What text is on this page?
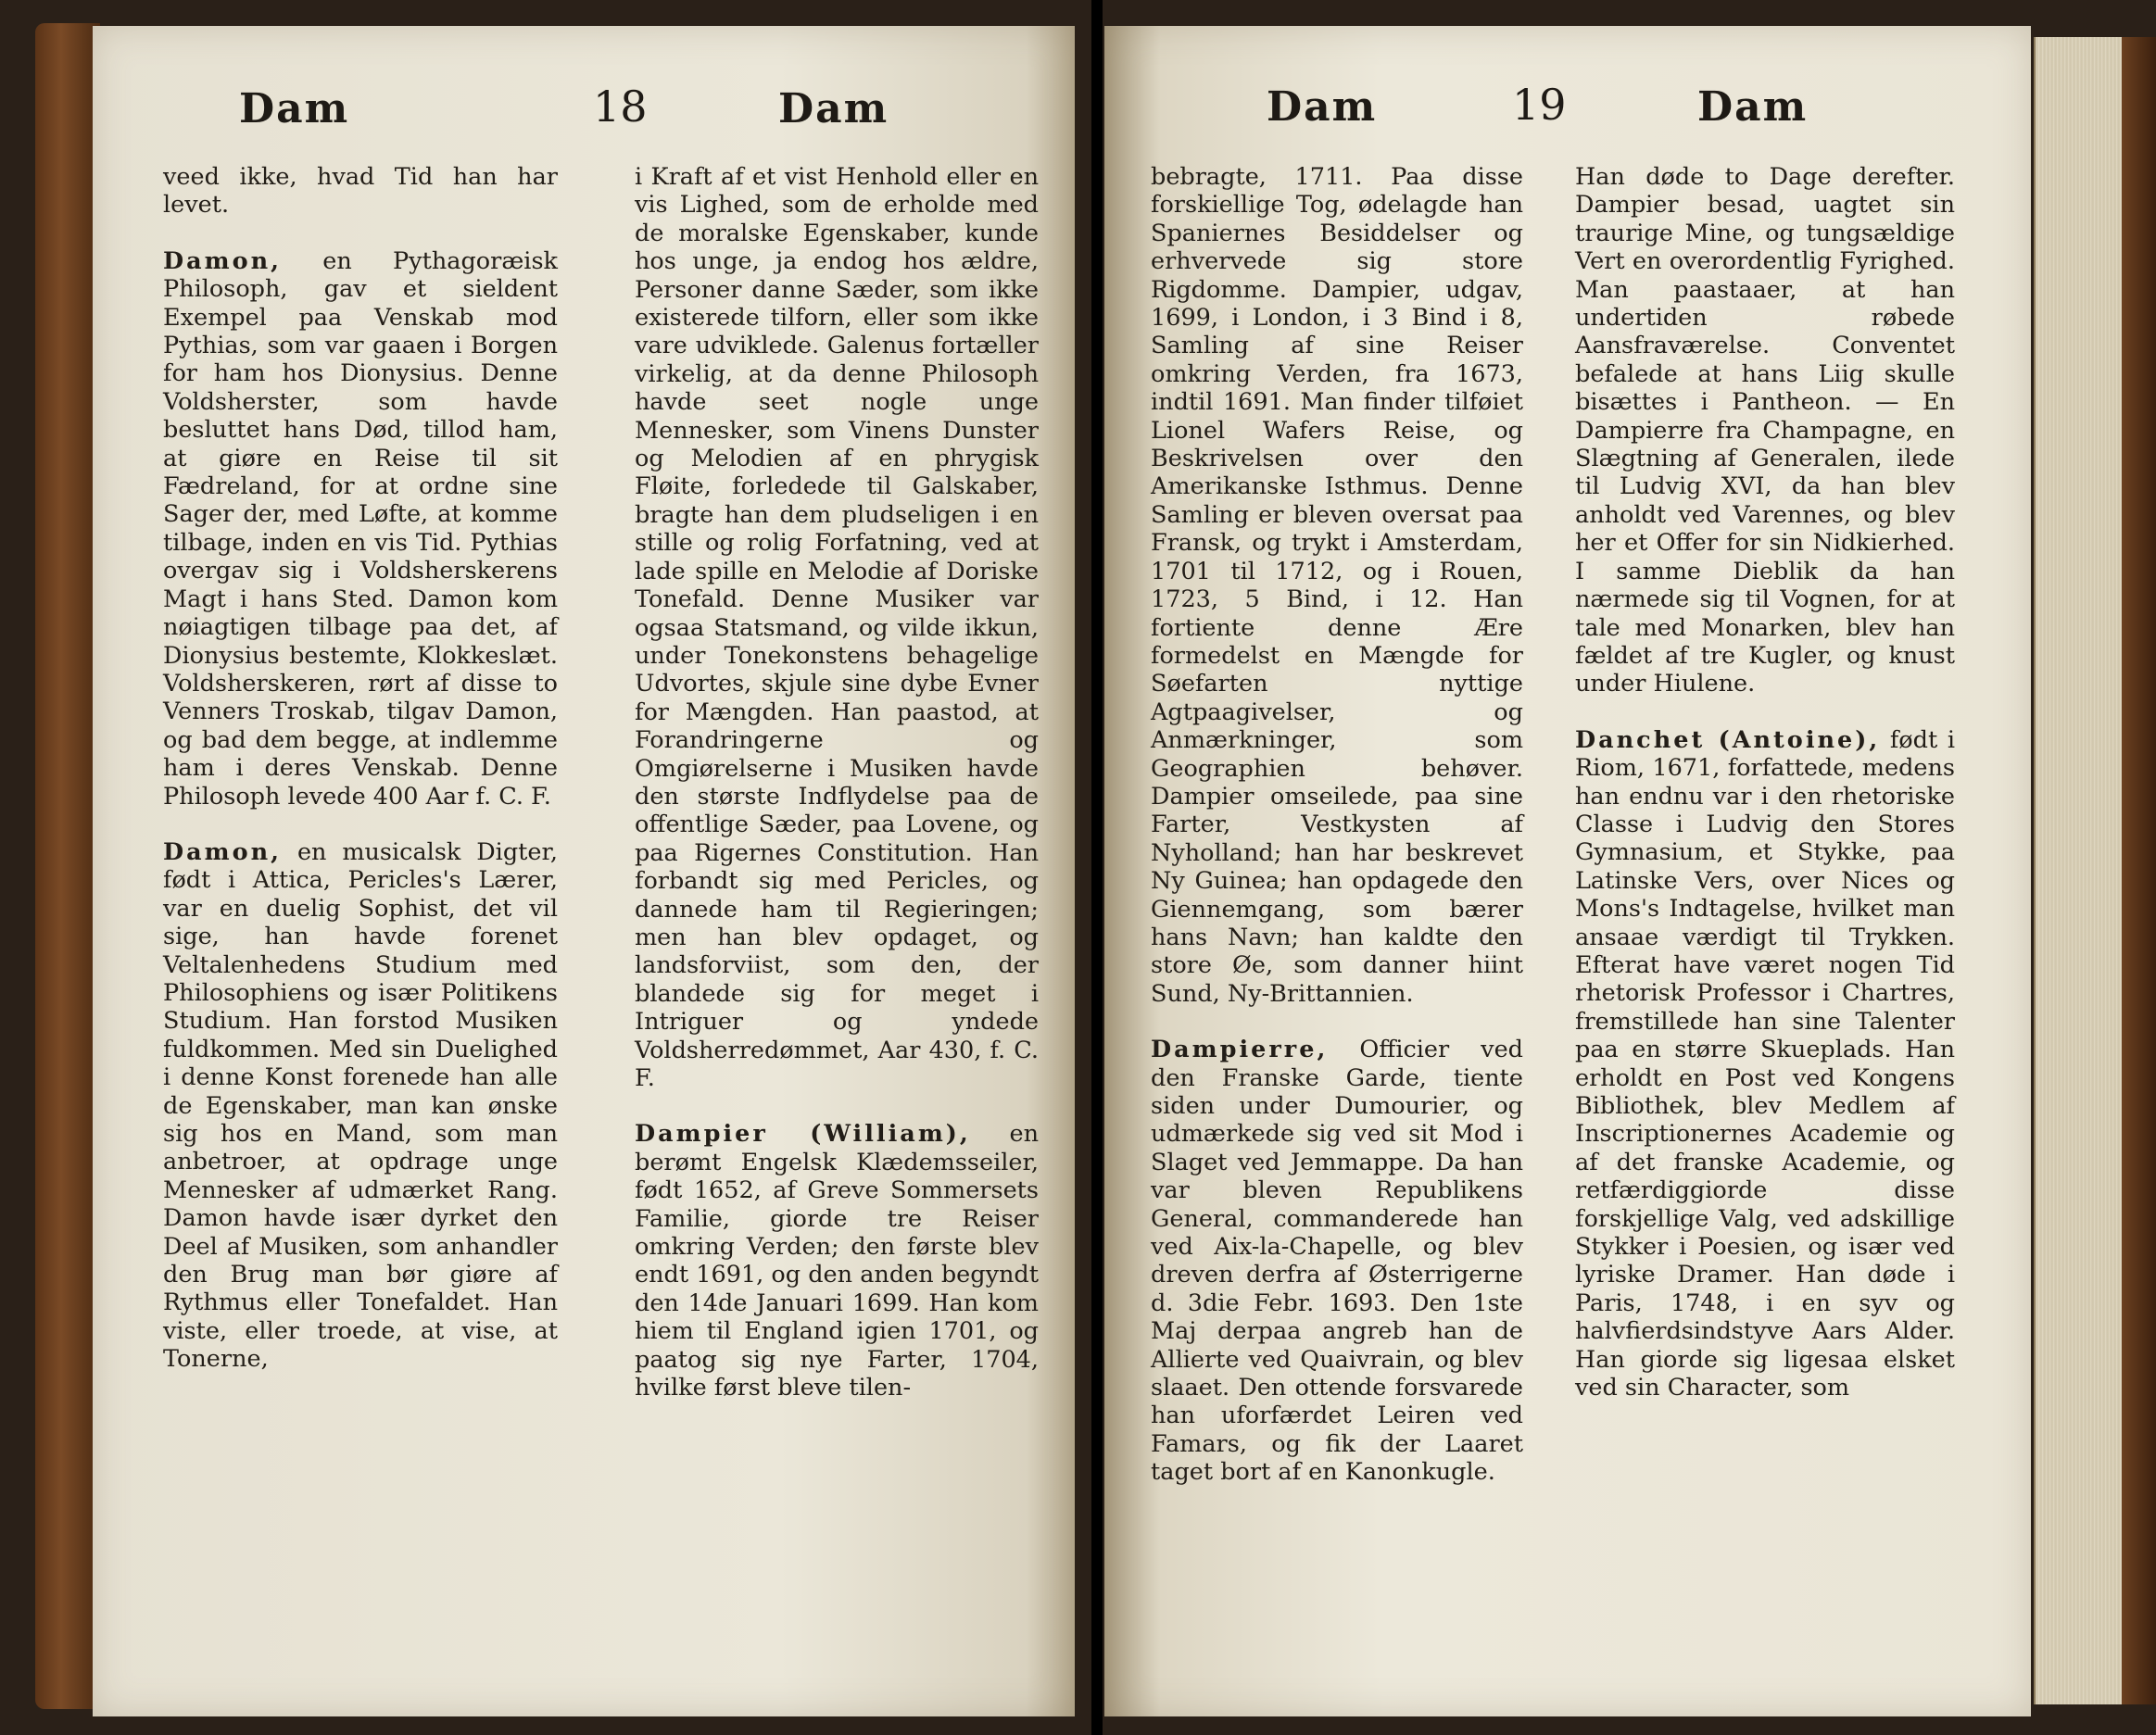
Dam	18	Dam

veed ikke, hvad Tid han har levet.

Damon, en Pythagoræisk Philosoph, gav et sieldent Exempel paa Venskab mod Pythias, som var gaaen i Borgen for ham hos Dionysius. Denne Voldsherster, som havde besluttet hans Død, tillod ham, at giøre en Reise til sit Fædreland, for at ordne sine Sager der, med Løfte, at komme tilbage, inden en vis Tid. Pythias overgav sig i Voldsherskerens Magt i hans Sted. Damon kom nøiagtigen tilbage paa det, af Dionysius bestemte, Klokkeslæt. Voldsherskeren, rørt af disse to Venners Troskab, tilgav Damon, og bad dem begge, at indlemme ham i deres Venskab. Denne Philosoph levede 400 Aar f. C. F.

Damon, en musicalsk Digter, født i Attica, Pericles's Lærer, var en duelig Sophist, det vil sige, han havde forenet Veltalenhedens Studium med Philosophiens og især Politikens Studium. Han forstod Musiken fuldkommen. Med sin Duelighed i denne Konst forenede han alle de Egenskaber, man kan ønske sig hos en Mand, som man anbetroer, at opdrage unge Mennesker af udmærket Rang. Damon havde især dyrket den Deel af Musiken, som anhandler den Brug man bør giøre af Rythmus eller Tonefaldet. Han viste, eller troede, at vise, at Tonerne,

i Kraft af et vist Henhold eller en vis Lighed, som de erholde med de moralske Egenskaber, kunde hos unge, ja endog hos ældre, Personer danne Sæder, som ikke existerede tilforn, eller som ikke vare udviklede. Galenus fortæller virkelig, at da denne Philosoph havde seet nogle unge Mennesker, som Vinens Dunster og Melodien af en phrygisk Fløite, forledede til Galskaber, bragte han dem pludseligen i en stille og rolig Forfatning, ved at lade spille en Melodie af Doriske Tonefald. Denne Musiker var ogsaa Statsmand, og vilde ikkun, under Tonekonstens behagelige Udvortes, skjule sine dybe Evner for Mængden. Han paastod, at Forandringerne og Omgiørelserne i Musiken havde den største Indflydelse paa de offentlige Sæder, paa Lovene, og paa Rigernes Constitution. Han forbandt sig med Pericles, og dannede ham til Regieringen; men han blev opdaget, og landsforviist, som den, der blandede sig for meget i Intriguer og yndede Voldsherredømmet, Aar 430, f. C. F.

Dampier (William), en berømt Engelsk Klædemsseiler, født 1652, af Greve Sommersets Familie, giorde tre Reiser omkring Verden; den første blev endt 1691, og den anden begyndt den 14de Januari 1699. Han kom hiem til England igien 1701, og paatog sig nye Farter, 1704, hvilke først bleve tilen-

Dam	19	Dam

bebragte, 1711. Paa disse forskiellige Tog, ødelagde han Spaniernes Besiddelser og erhvervede sig store Rigdomme. Dampier, udgav, 1699, i London, i 3 Bind i 8, Samling af sine Reiser omkring Verden, fra 1673, indtil 1691. Man finder tilføiet Lionel Wafers Reise, og Beskrivelsen over den Amerikanske Isthmus. Denne Samling er bleven oversat paa Fransk, og trykt i Amsterdam, 1701 til 1712, og i Rouen, 1723, 5 Bind, i 12. Han fortiente denne Ære formedelst en Mængde for Søefarten nyttige Agtpaagivelser, og Anmærkninger, som Geographien behøver. Dampier omseilede, paa sine Farter, Vestkysten af Nyholland; han har beskrevet Ny Guinea; han opdagede den Giennemgang, som bærer hans Navn; han kaldte den store Øe, som danner hiint Sund, Ny-Brittannien.

Dampierre, Officier ved den Franske Garde, tiente siden under Dumourier, og udmærkede sig ved sit Mod i Slaget ved Jemmappe. Da han var bleven Republikens General, commanderede han ved Aix-la-Chapelle, og blev dreven derfra af Østerrigerne d. 3die Febr. 1693. Den 1ste Maj derpaa angreb han de Allierte ved Quaivrain, og blev slaaet. Den ottende forsvarede han uforfærdet Leiren ved Famars, og fik der Laaret taget bort af en Kanonkugle.

Han døde to Dage derefter. Dampier besad, uagtet sin traurige Mine, og tungsældige Vert en overordentlig Fyrighed. Man paastaaer, at han undertiden røbede Aansfraværelse. Conventet befalede at hans Liig skulle bisættes i Pantheon. — En Dampierre fra Champagne, en Slægtning af Generalen, ilede til Ludvig XVI, da han blev anholdt ved Varennes, og blev her et Offer for sin Nidkierhed. I samme Dieblik da han nærmede sig til Vognen, for at tale med Monarken, blev han fældet af tre Kugler, og knust under Hiulene.

Danchet (Antoine), født i Riom, 1671, forfattede, medens han endnu var i den rhetoriske Classe i Ludvig den Stores Gymnasium, et Stykke, paa Latinske Vers, over Nices og Mons's Indtagelse, hvilket man ansaae værdigt til Trykken. Efterat have været nogen Tid rhetorisk Professor i Chartres, fremstillede han sine Talenter paa en større Skueplads. Han erholdt en Post ved Kongens Bibliothek, blev Medlem af Inscriptionernes Academie og af det franske Academie, og retfærdiggiorde disse forskjellige Valg, ved adskillige Stykker i Poesien, og især ved lyriske Dramer. Han døde i Paris, 1748, i en syv og halvfierdsindstyve Aars Alder. Han giorde sig ligesaa elsket ved sin Character, som
